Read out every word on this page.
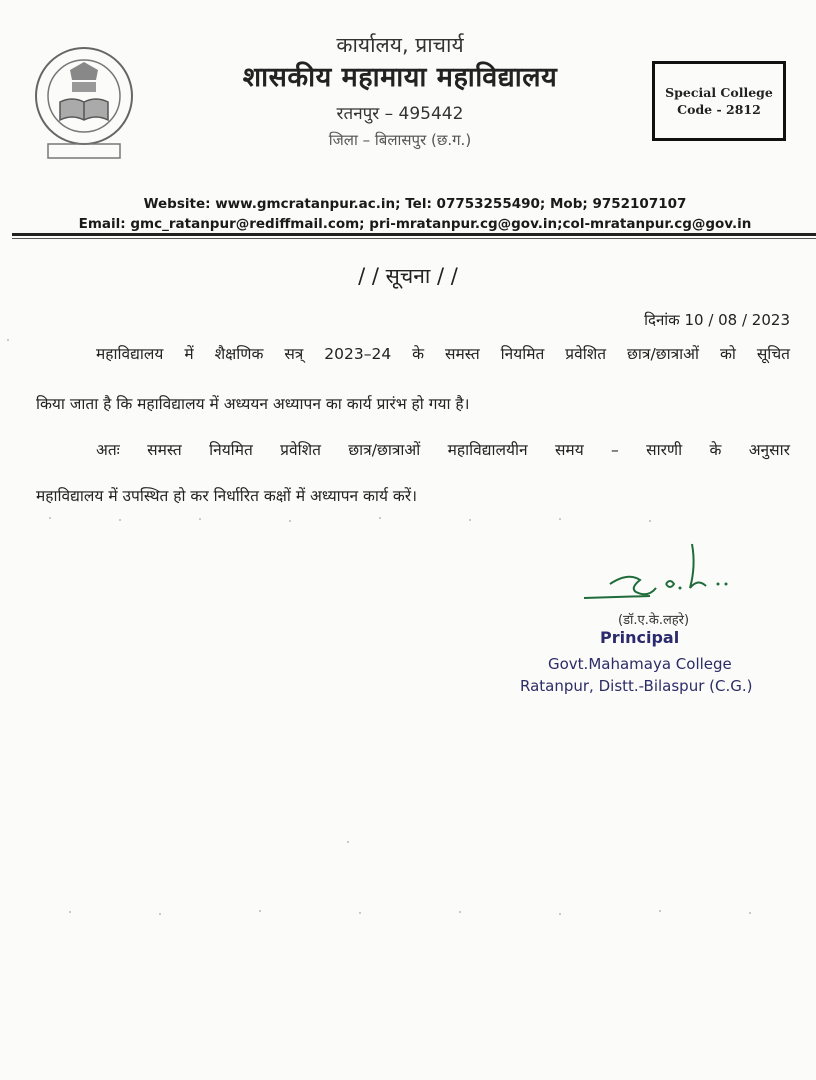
कार्यालय, प्राचार्य
शासकीय महामाया महाविद्यालय
रतनपुर – 495442
जिला – बिलासपुर (छ.ग.)
Special College
Code - 2812
Website: www.gmcratanpur.ac.in; Tel: 07753255490; Mob; 9752107107
Email: gmc_ratanpur@rediffmail.com; pri-mratanpur.cg@gov.in;col-mratanpur.cg@gov.in
/ / सूचना / /
दिनांक 10 / 08 / 2023
महाविद्यालय में शैक्षणिक सत्र् 2023–24 के समस्त नियमित प्रवेशित छात्र/छात्राओं को सूचित
किया जाता है कि महाविद्यालय में अध्ययन अध्यापन का कार्य प्रारंभ हो गया है।
अतः समस्त नियमित प्रवेशित छात्र/छात्राओं महाविद्यालयीन समय – सारणी के अनुसार
महाविद्यालय में उपस्थित हो कर निर्धारित कक्षों में अध्यापन कार्य करें।
(डॉ.ए.के.लहरे)
Principal
Govt.Mahamaya College
Ratanpur, Distt.-Bilaspur (C.G.)
